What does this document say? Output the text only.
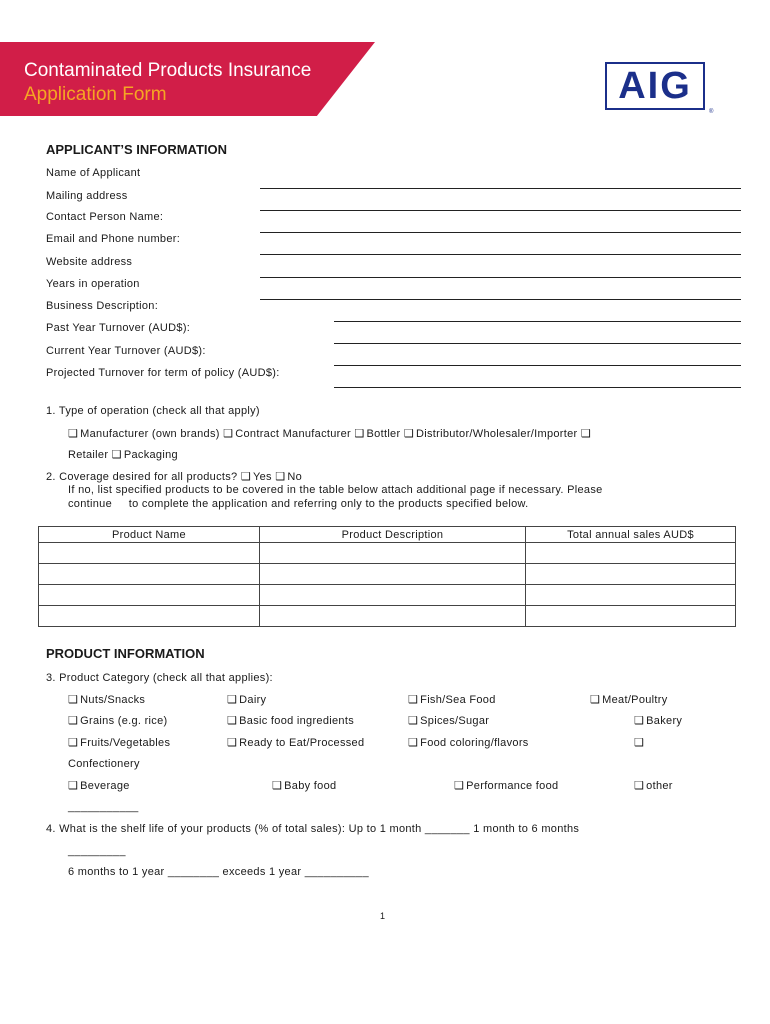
Contaminated Products Insurance
Application Form	AIG
®
APPLICANT’S INFORMATION
Name of Applicant
Mailing address
Contact Person Name:
Email and Phone number:
Website address
Years in operation
Business Description:
Past Year Turnover (AUD$):
Current Year Turnover (AUD$):
Projected Turnover for term of policy (AUD$):
1. Type of operation (check all that apply)
❑ Manufacturer (own brands) ❑ Contract Manufacturer ❑ Bottler ❑ Distributor/Wholesaler/Importer ❑
Retailer ❑ Packaging
2. Coverage desired for all products? ❑ Yes ❑ No
If no, list specified products to be covered in the table below attach additional page if necessary. Please
continue     to complete the application and referring only to the products specified below.
Product Name	Product Description	Total annual sales AUD$

PRODUCT INFORMATION
3. Product Category (check all that applies):
❑ Nuts/Snacks	❑ Dairy	❑ Fish/Sea Food	❑ Meat/Poultry
❑ Grains (e.g. rice)	❑ Basic food ingredients	❑ Spices/Sugar	❑ Bakery
❑ Fruits/Vegetables	❑ Ready to Eat/Processed	❑ Food coloring/flavors	❑
Confectionery
❑ Beverage	❑ Baby food	❑ Performance food	❑ other
___________
4. What is the shelf life of your products (% of total sales): Up to 1 month _______ 1 month to 6 months
_________
6 months to 1 year ________ exceeds 1 year __________
1
